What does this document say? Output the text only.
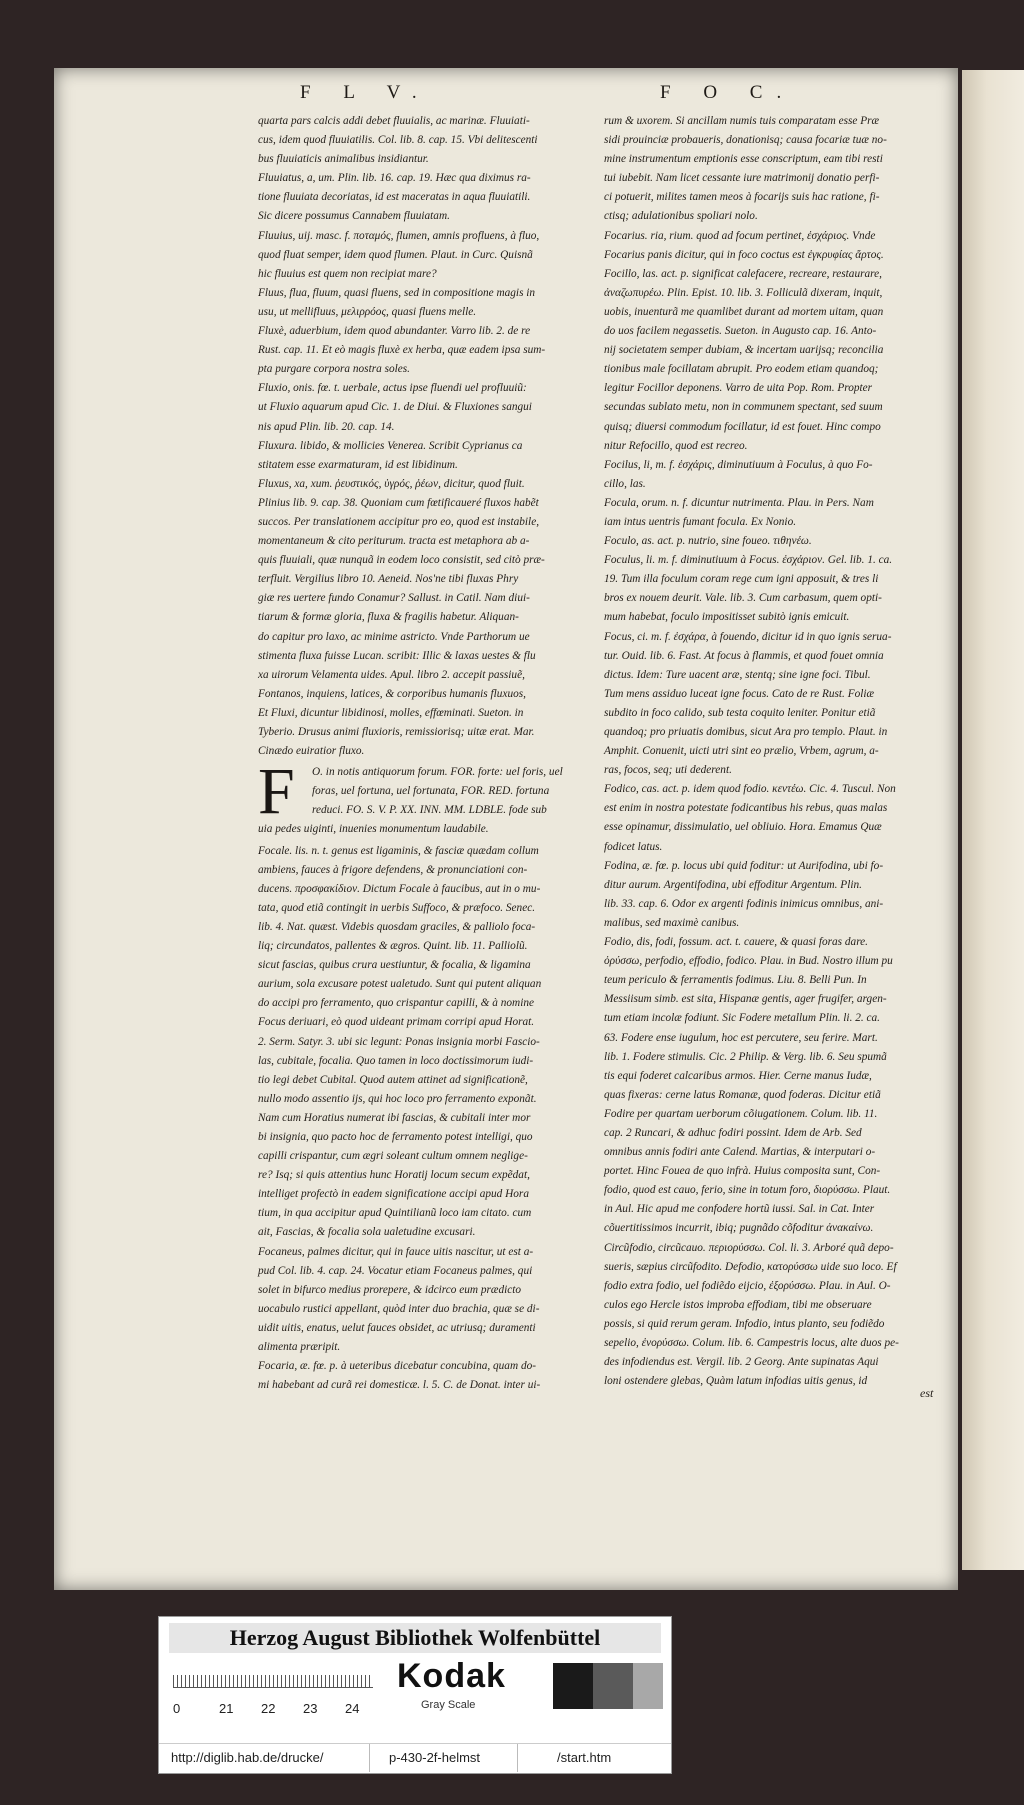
F L V.	F O C.

quarta pars calcis addi debet fluuialis, ac marinæ. Fluuiati-

cus, idem quod fluuiatilis. Col. lib. 8. cap. 15. Vbi delitescenti

bus fluuiaticis animalibus insidiantur.

Fluuiatus, a, um. Plin. lib. 16. cap. 19. Hæc qua diximus ra-

tione fluuiata decoriatas, id est maceratas in aqua fluuiatili.

Sic dicere possumus Cannabem fluuiatam.

Fluuius, uij. masc. f. ποταμός, flumen, amnis profluens, à fluo,

quod fluat semper, idem quod flumen. Plaut. in Curc. Quisnã

hic fluuius est quem non recipiat mare?

Fluus, flua, fluum, quasi fluens, sed in compositione magis in

usu, ut mellifluus, μελιρρόος, quasi fluens melle.

Fluxè, aduerbium, idem quod abundanter. Varro lib. 2. de re

Rust. cap. 11. Et eò magis fluxè ex herba, quæ eadem ipsa sum-

pta purgare corpora nostra soles.

Fluxio, onis. fœ. t. uerbale, actus ipse fluendi uel profluuiũ:

ut Fluxio aquarum apud Cic. 1. de Diui. & Fluxiones sangui

nis apud Plin. lib. 20. cap. 14.

Fluxura. libido, & mollicies Venerea. Scribit Cyprianus ca

stitatem esse exarmaturam, id est libidinum.

Fluxus, xa, xum. ῥευστικός, ὑγρός, ῥέων, dicitur, quod fluit.

Plinius lib. 9. cap. 38. Quoniam cum fœtificaueré fluxos habẽt

succos. Per translationem accipitur pro eo, quod est instabile,

momentaneum & cito periturum. tracta est metaphora ab a-

quis fluuiali, quæ nunquã in eodem loco consistit, sed citò præ-

terfluit. Vergilius libro 10. Aeneid. Nos'ne tibi fluxas Phry

giæ res uertere fundo Conamur? Sallust. in Catil. Nam diui-

tiarum & formæ gloria, fluxa & fragilis habetur. Aliquan-

do capitur pro laxo, ac minime astricto. Vnde Parthorum ue

stimenta fluxa fuisse Lucan. scribit: Illic & laxas uestes & flu

xa uirorum Velamenta uides. Apul. libro 2. accepit passiuẽ,

Fontanos, inquiens, latices, & corporibus humanis fluxuos,

Et Fluxi, dicuntur libidinosi, molles, effœminati. Sueton. in

Tyberio. Drusus animi fluxioris, remissiorisq; uitæ erat. Mar.

Cinædo euiratior fluxo.

F	O. in notis antiquorum forum. FOR. forte: uel foris, uel

foras, uel fortuna, uel fortunata, FOR. RED. fortuna

reduci. FO. S. V. P. XX. INN. MM. LDBLE. fode sub

uia pedes uiginti, inuenies monumentum laudabile.

Focale. lis. n. t. genus est ligaminis, & fasciæ quædam collum

ambiens, fauces à frigore defendens, & pronunciationi con-

ducens. προσφακίδιον. Dictum Focale à faucibus, aut in o mu-

tata, quod etiã contingit in uerbis Suffoco, & præfoco. Senec.

lib. 4. Nat. quæst. Videbis quosdam graciles, & palliolo foca-

liq; circundatos, pallentes & ægros. Quint. lib. 11. Palliolũ.

sicut fascias, quibus crura uestiuntur, & focalia, & ligamina

aurium, sola excusare potest ualetudo. Sunt qui putent aliquan

do accipi pro ferramento, quo crispantur capilli, & à nomine

Focus deriuari, eò quod uideant primam corripi apud Horat.

2. Serm. Satyr. 3. ubi sic legunt: Ponas insignia morbi Fascio-

las, cubitale, focalia. Quo tamen in loco doctissimorum iudi-

tio legi debet Cubital. Quod autem attinet ad significationẽ,

nullo modo assentio ijs, qui hoc loco pro ferramento exponãt.

Nam cum Horatius numerat ibi fascias, & cubitali inter mor

bi insignia, quo pacto hoc de ferramento potest intelligi, quo

capilli crispantur, cum ægri soleant cultum omnem neglige-

re? Isq; si quis attentius hunc Horatij locum secum expẽdat,

intelliget profectò in eadem significatione accipi apud Hora

tium, in qua accipitur apud Quintilianũ loco iam citato. cum

ait, Fascias, & focalia sola ualetudine excusari.

Focaneus, palmes dicitur, qui in fauce uitis nascitur, ut est a-

pud Col. lib. 4. cap. 24. Vocatur etiam Focaneus palmes, qui

solet in bifurco medius prorepere, & idcirco eum prædicto

uocabulo rustici appellant, quòd inter duo brachia, quæ se di-

uidit uitis, enatus, uelut fauces obsidet, ac utriusq; duramenti

alimenta præripit.

Focaria, æ. fœ. p. à ueteribus dicebatur concubina, quam do-

mi habebant ad curã rei domesticæ. l. 5. C. de Donat. inter ui-

rum & uxorem. Si ancillam numis tuis comparatam esse Præ

sidi prouinciæ probaueris, donationisq; causa focariæ tuæ no-

mine instrumentum emptionis esse conscriptum, eam tibi resti

tui iubebit. Nam licet cessante iure matrimonij donatio perfi-

ci potuerit, milites tamen meos à focarijs suis hac ratione, fi-

ctisq; adulationibus spoliari nolo.

Focarius. ria, rium. quod ad focum pertinet, ἐσχάριος. Vnde

Focarius panis dicitur, qui in foco coctus est ἐγκρυφίας ἄρτος.

Focillo, las. act. p. significat calefacere, recreare, restaurare,

ἀναζωπυρέω. Plin. Epist. 10. lib. 3. Folliculã dixeram, inquit,

uobis, inuenturã me quamlibet durant ad mortem uitam, quan

do uos facilem negassetis. Sueton. in Augusto cap. 16. Anto-

nij societatem semper dubiam, & incertam uarijsq; reconcilia

tionibus male focillatam abrupit. Pro eodem etiam quandoq;

legitur Focillor deponens. Varro de uita Pop. Rom. Propter

secundas sublato metu, non in communem spectant, sed suum

quisq; diuersi commodum focillatur, id est fouet. Hinc compo

nitur Refocillo, quod est recreo.

Focilus, li, m. f. ἐσχάρις, diminutiuum à Foculus, à quo Fo-

cillo, las.

Focula, orum. n. f. dicuntur nutrimenta. Plau. in Pers. Nam

iam intus uentris fumant focula. Ex Nonio.

Foculo, as. act. p. nutrio, sine foueo. τιθηνέω.

Foculus, li. m. f. diminutiuum à Focus. ἐσχάριον. Gel. lib. 1. ca.

19. Tum illa foculum coram rege cum igni apposuit, & tres li

bros ex nouem deurit. Vale. lib. 3. Cum carbasum, quem opti-

mum habebat, foculo impositisset subitò ignis emicuit.

Focus, ci. m. f. ἐσχάρα, à fouendo, dicitur id in quo ignis serua-

tur. Ouid. lib. 6. Fast. At focus à flammis, et quod fouet omnia

dictus. Idem: Ture uacent aræ, stentq; sine igne foci. Tibul.

Tum mens assiduo luceat igne focus. Cato de re Rust. Foliæ

subdito in foco calido, sub testa coquito leniter. Ponitur etiã

quandoq; pro priuatis domibus, sicut Ara pro templo. Plaut. in

Amphit. Conuenit, uicti utri sint eo prælio, Vrbem, agrum, a-

ras, focos, seq; uti dederent.

Fodico, cas. act. p. idem quod fodio. κεντέω. Cic. 4. Tuscul. Non

est enim in nostra potestate fodicantibus his rebus, quas malas

esse opinamur, dissimulatio, uel obliuio. Hora. Emamus Quæ

fodicet latus.

Fodina, æ. fœ. p. locus ubi quid foditur: ut Aurifodina, ubi fo-

ditur aurum. Argentifodina, ubi effoditur Argentum. Plin.

lib. 33. cap. 6. Odor ex argenti fodinis inimicus omnibus, ani-

malibus, sed maximè canibus.

Fodio, dis, fodi, fossum. act. t. cauere, & quasi foras dare.

ὀρύσσω, perfodio, effodio, fodico. Plau. in Bud. Nostro illum pu

teum periculo & ferramentis fodimus. Liu. 8. Belli Pun. In

Messiisum simb. est sita, Hispanæ gentis, ager frugifer, argen-

tum etiam incolæ fodiunt. Sic Fodere metallum Plin. li. 2. ca.

63. Fodere ense iugulum, hoc est percutere, seu ferire. Mart.

lib. 1. Fodere stimulis. Cic. 2 Philip. & Verg. lib. 6. Seu spumã

tis equi foderet calcaribus armos. Hier. Cerne manus Iudæ,

quas fixeras: cerne latus Romanæ, quod foderas. Dicitur etiã

Fodire per quartam uerborum cõiugationem. Colum. lib. 11.

cap. 2 Runcari, & adhuc fodiri possint. Idem de Arb. Sed

omnibus annis fodiri ante Calend. Martias, & interputari o-

portet. Hinc Fouea de quo infrà. Huius composita sunt, Con-

fodio, quod est cauo, ferio, sine in totum foro, διορύσσω. Plaut.

in Aul. Hic apud me confodere hortũ iussi. Sal. in Cat. Inter

cõuertitissimos incurrit, ibiq; pugnãdo cõfoditur ἀνακαίνω.

Circũfodio, circũcauo. περιορύσσω. Col. li. 3. Arboré quã depo-

sueris, sæpius circũfodito. Defodio, κατορύσσω uide suo loco. Ef

fodio extra fodio, uel fodiẽdo eijcio, ἐξορύσσω. Plau. in Aul. O-

culos ego Hercle istos improba effodiam, tibi me obseruare

possis, si quid rerum geram. Infodio, intus planto, seu fodiẽdo

sepelio, ἐνορύσσω. Colum. lib. 6. Campestris locus, alte duos pe-

des infodiendus est. Vergil. lib. 2 Georg. Ante supinatas Aqui

loni ostendere glebas, Quàm latum infodias uitis genus, id

est
Herzog August Bibliothek Wolfenbüttel
0	21 22 23 24
Kodak
Gray Scale
http://diglib.hab.de/drucke/	p-430-2f-helmst	/start.htm
